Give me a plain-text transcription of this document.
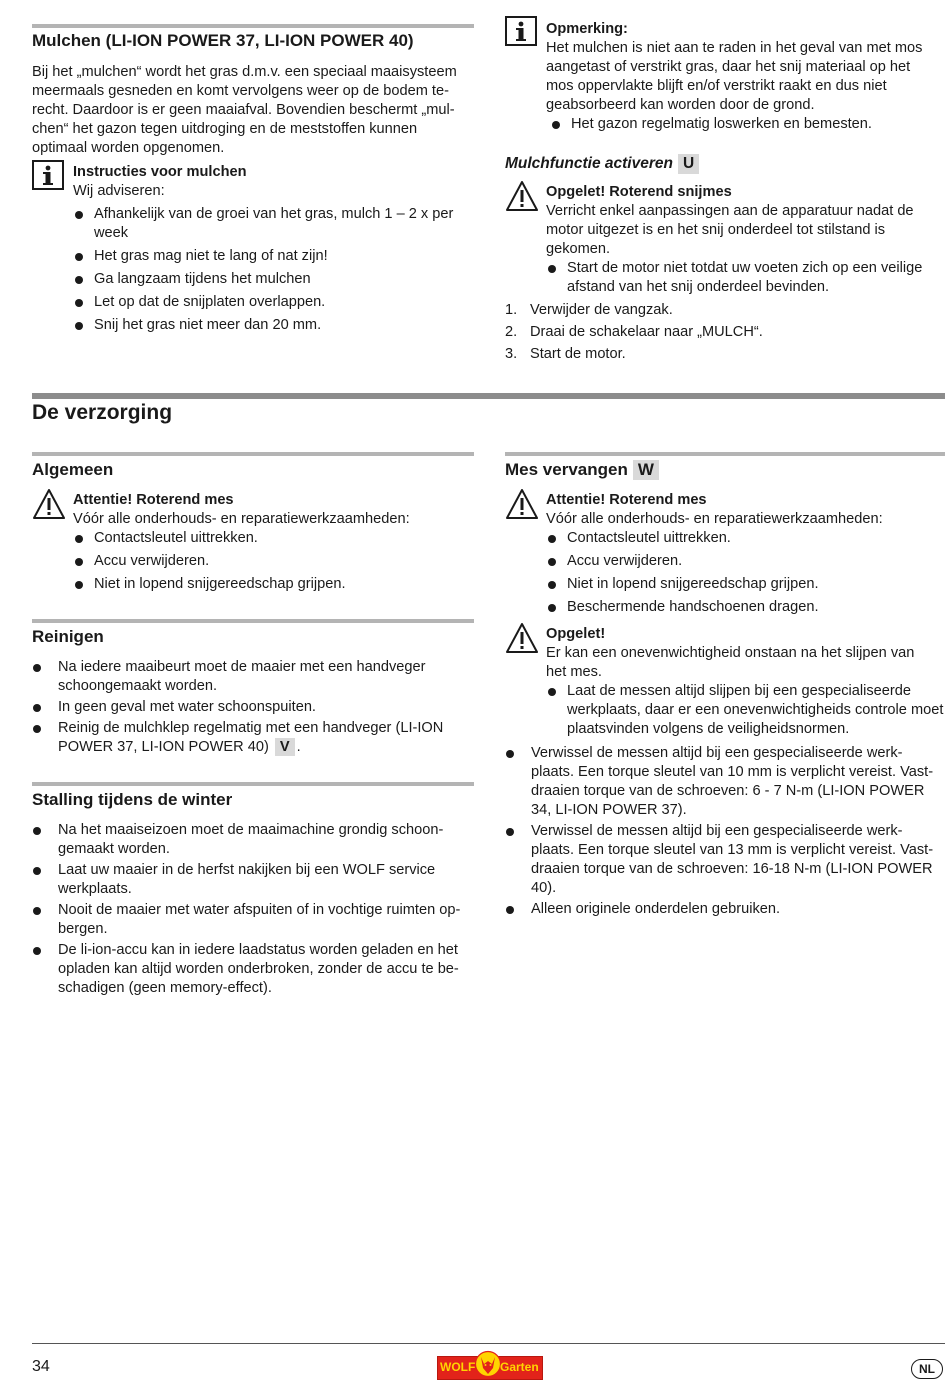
Mulchen (LI-ION POWER 37, LI-ION POWER 40)
Bij het „mulchen“ wordt het gras d.m.v. een speciaal maaisysteem
meermaals gesneden en komt vervolgens weer op de bodem te-
recht. Daardoor is er geen maaiafval. Bovendien beschermt „mul-
chen“ het gazon tegen uitdroging en de meststoffen kunnen
optimaal worden opgenomen.
Instructies voor mulchen
Wij adviseren:
Afhankelijk van de groei van het gras, mulch 1 – 2 x per week
Het gras mag niet te lang of nat zijn!
Ga langzaam tijdens het mulchen
Let op dat de snijplaten overlappen.
Snij het gras niet meer dan 20 mm.
Opmerking:
Het mulchen is niet aan te raden in het geval van met mos
aangetast of verstrikt gras, daar het snij materiaal op het
mos oppervlakte blijft en/of verstrikt raakt en dus niet
geabsorbeerd kan worden door de grond.
Het gazon regelmatig loswerken en bemesten.
Mulchfunctie activeren U
Opgelet! Roterend snijmes
Verricht enkel aanpassingen aan de apparatuur nadat de
motor uitgezet is en het snij onderdeel tot stilstand is
gekomen.
Start de motor niet totdat uw voeten zich op een veilige afstand van het snij onderdeel bevinden.
1. Verwijder de vangzak.
2. Draai de schakelaar naar „MULCH“.
3. Start de motor.
De verzorging
Algemeen
Attentie! Roterend mes
Vóór alle onderhouds- en reparatiewerkzaamheden:
Contactsleutel uittrekken.
Accu verwijderen.
Niet in lopend snijgereedschap grijpen.
Reinigen
Na iedere maaibeurt moet de maaier met een handveger schoongemaakt worden.
In geen geval met water schoonspuiten.
Reinig de mulchklep regelmatig met een handveger (LI-ION POWER 37, LI-ION POWER 40) V .
Stalling tijdens de winter
Na het maaiseizoen moet de maaimachine grondig schoon-gemaakt worden.
Laat uw maaier in de herfst nakijken bij een WOLF service werkplaats.
Nooit de maaier met water afspuiten of in vochtige ruimten op-bergen.
De li-ion-accu kan in iedere laadstatus worden geladen en het opladen kan altijd worden onderbroken, zonder de accu te be-schadigen (geen memory-effect).
Mes vervangen W
Attentie! Roterend mes
Vóór alle onderhouds- en reparatiewerkzaamheden:
Contactsleutel uittrekken.
Accu verwijderen.
Niet in lopend snijgereedschap grijpen.
Beschermende handschoenen dragen.
Opgelet!
Er kan een onevenwichtigheid onstaan na het slijpen van
het mes.
Laat de messen altijd slijpen bij een gespecialiseerde werkplaats, daar er een onevenwichtigheids controle moet plaatsvinden volgens de veiligheidsnormen.
Verwissel de messen altijd bij een gespecialiseerde werk-plaats. Een torque sleutel van 10 mm is verplicht vereist. Vast-draaien torque van de schroeven: 6 - 7 N-m (LI-ION POWER 34, LI-ION POWER 37).
Verwissel de messen altijd bij een gespecialiseerde werk-plaats. Een torque sleutel van 13 mm is verplicht vereist. Vast-draaien torque van de schroeven: 16-18 N-m (LI-ION POWER 40).
Alleen originele onderdelen gebruiken.
34	WOLF Garten	NL
